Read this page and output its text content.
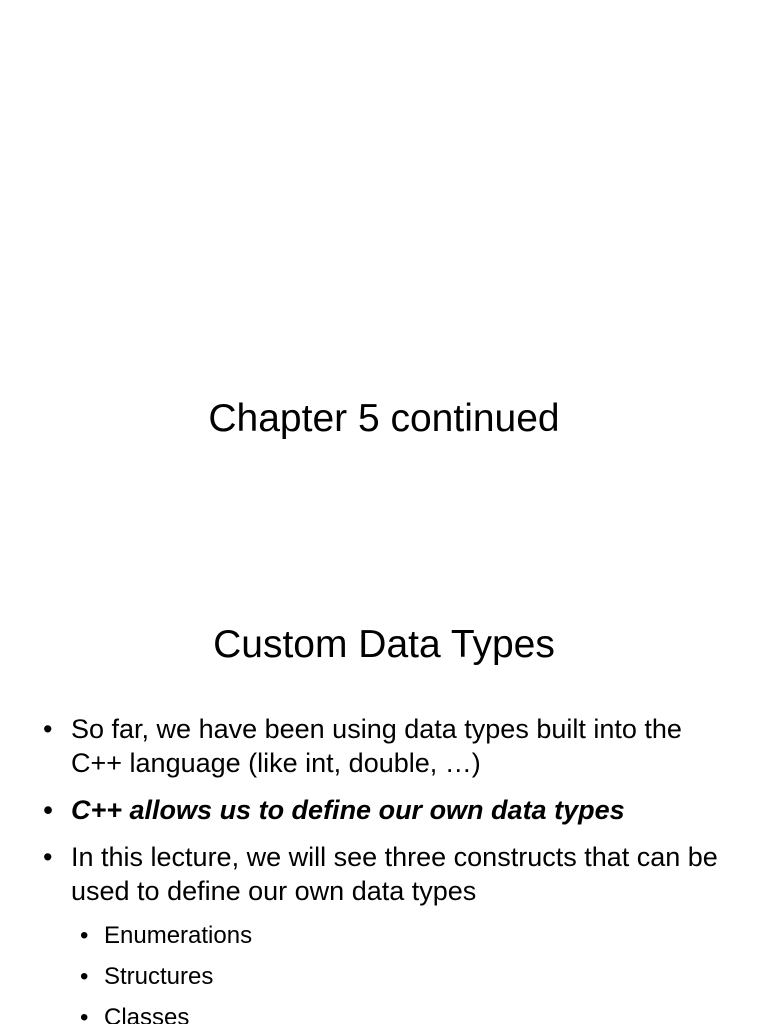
Chapter 5 continued
Custom Data Types
• So far, we have been using data types built into the C++ language (like int, double, …)
• C++ allows us to define our own data types
• In this lecture, we will see three constructs that can be used to define our own data types
• Enumerations
• Structures
• Classes
